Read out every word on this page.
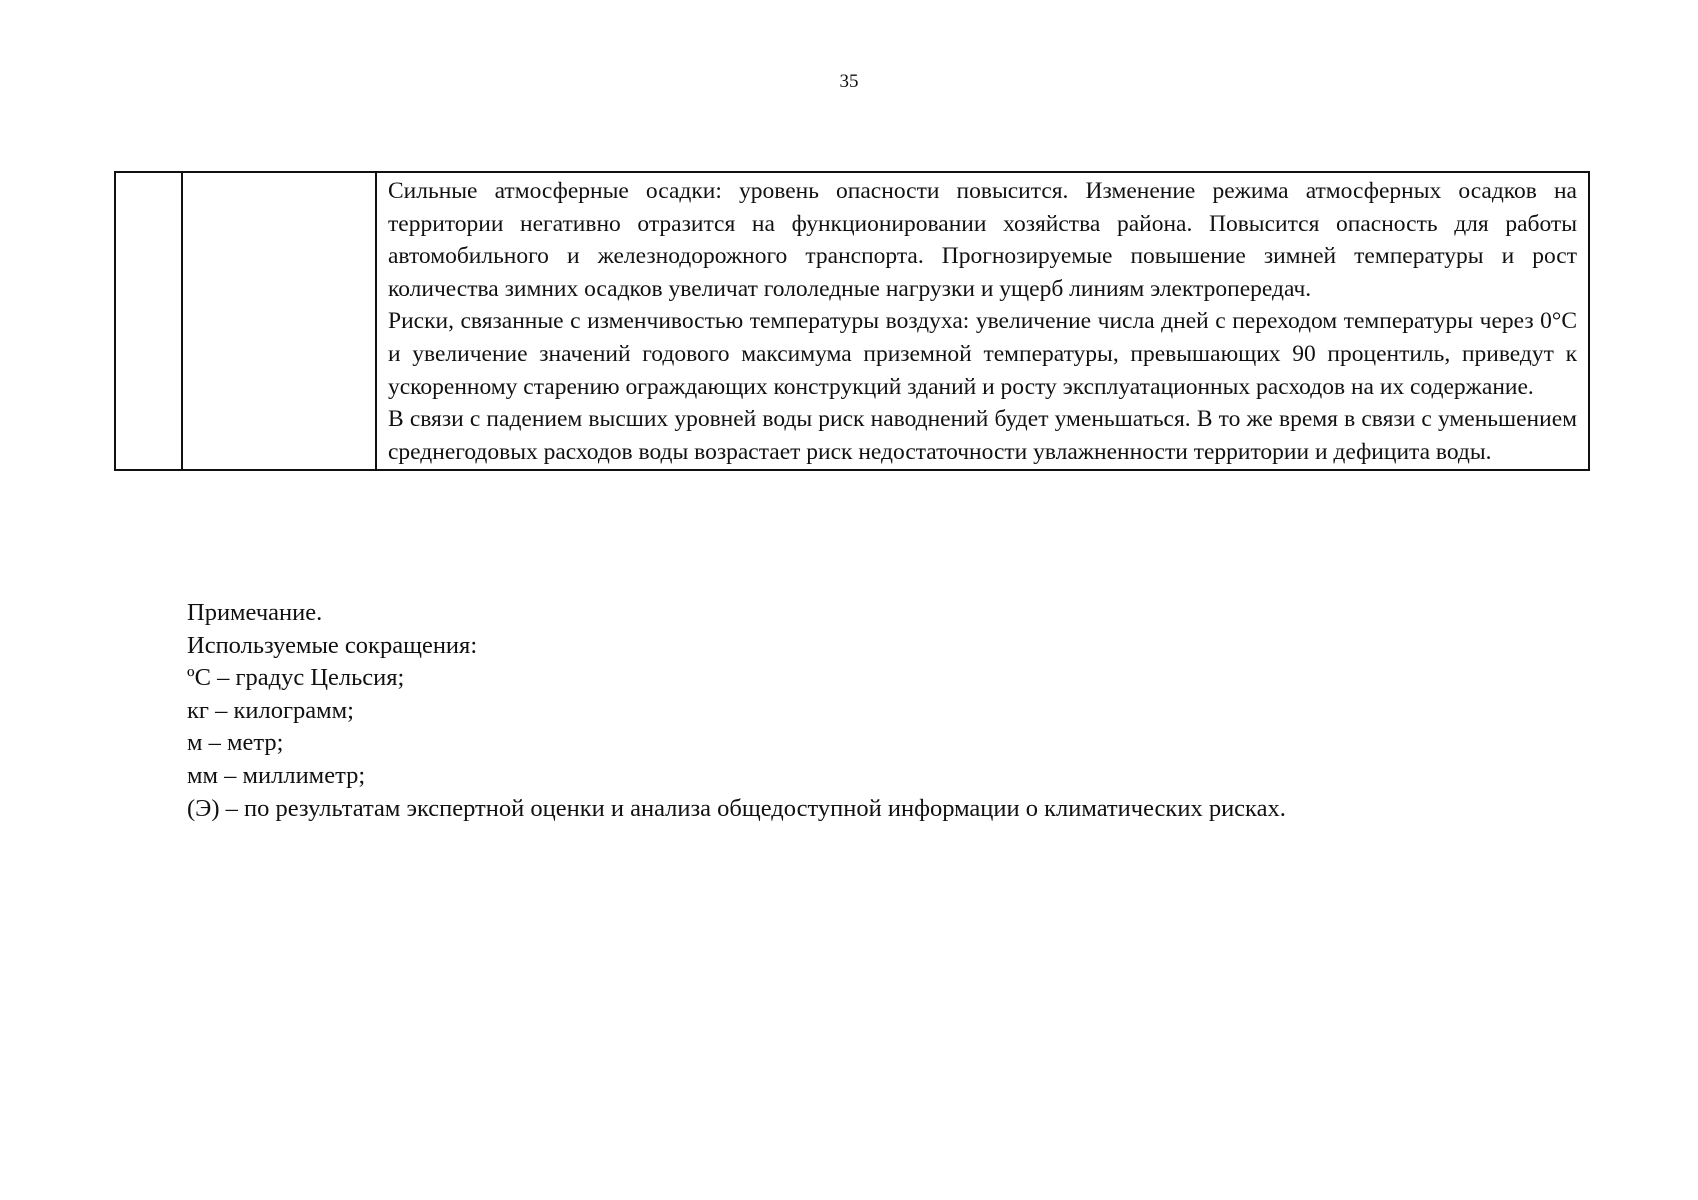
35

Сильные атмосферные осадки: уровень опасности повысится. Изменение режима атмосферных осадков на территории негативно отразится на функционировании хозяйства района. Повысится опасность для работы автомобильного и железнодорожного транспорта. Прогнозируемые повышение зимней температуры и рост количества зимних осадков увеличат гололедные нагрузки и ущерб линиям электропередач.

Риски, связанные с изменчивостью температуры воздуха: увеличение числа дней с переходом температуры через 0°С и увеличение значений годового максимума приземной температуры, превышающих 90 процентиль, приведут к ускоренному старению ограждающих конструкций зданий и росту эксплуатационных расходов на их содержание.

В связи с падением высших уровней воды риск наводнений будет уменьшаться. В то же время в связи с уменьшением среднегодовых расходов воды возрастает риск недостаточности увлажненности территории и дефицита воды.

Примечание.

Используемые сокращения:

ºС – градус Цельсия;

кг – килограмм;

м – метр;

мм – миллиметр;

(Э) – по результатам экспертной оценки и анализа общедоступной информации о климатических рисках.
